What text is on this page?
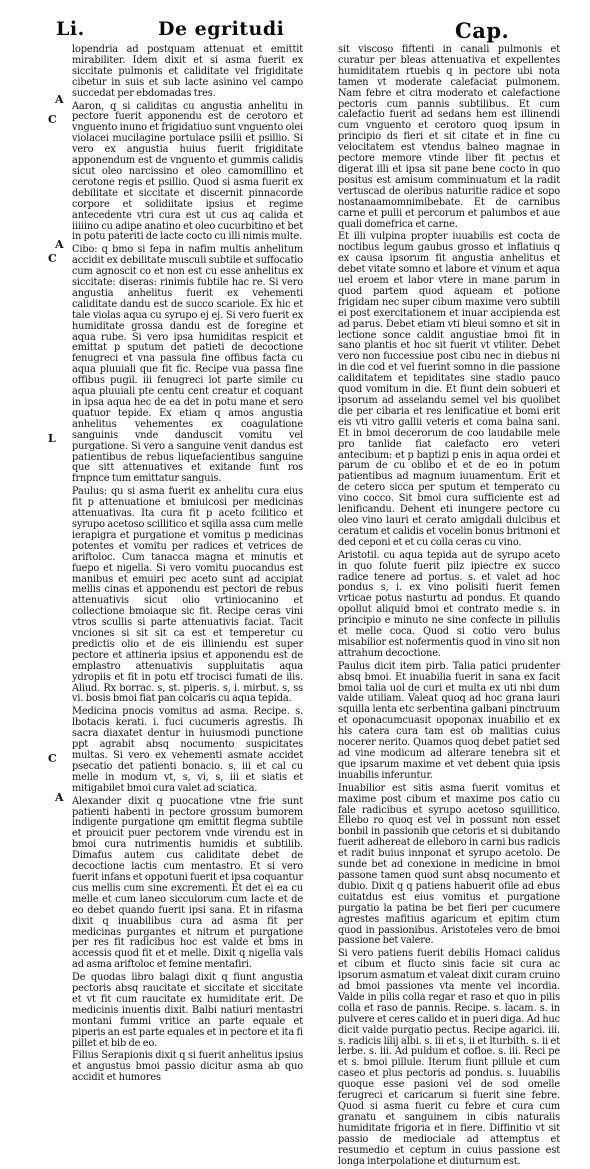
Li.	De egritudi	Cap.
A
C
A
C
L
C
A

lopendria ad postquam attenuat et emittit mirabiliter. Idem dixit et si asma fuerit ex siccitate pulmonis et caliditate vel frigiditate cibetur in suis et sub lacte asinino vel campo succedat per ebdomadas tres.

Aaron, q si caliditas cu angustia anhelitu in pectore fuerit apponendu est de cerotoro et vnguento inuno et frigidatiuo sunt vnguento olei violacei mucilagine portulace psilii et psillio. Si vero ex angustia huius fuerit frigiditate apponendum est de vnguento et gummis calidis sicut oleo narcissino et oleo camomillino et cerotone regis et psillio. Quod si asma fuerit ex debilitate et siccitate et discernit pinnacorde corpore et solidiitate ipsius et regime antecedente vtri cura est ut cus aq calida et iiiiino cu adipe anatino et oleo cucurbitino et bet in potu pateriti de lacte cocto cu illi nimis multe.

Cibo: q bmo si fepa in nafim multis anhelitum accidit ex debilitate musculi subtile et suffocatio cum agnoscit co et non est cu esse anhelitus ex siccitate: diseras: rinimis fubtile hac re. Si vero angustia anhelitus fuerit ex vehementi caliditate dandu est de succo scariole. Ex hic et tale violas aqua cu syrupo ej ej. Si vero fuerit ex humiditate grossa dandu est de foregine et aqua rube. Si vero ipsa humiditas respicit et emittat p sputum det patieti de decoctione fenugreci et vna passula fine offibus facta cu aqua pluuiali que fit fic. Recipe vua passa fine offibus pugil. iii fenugreci lot parte simile cu aqua pluuiali pte centu cent creatur et coquant in ipsa aqua hec de ea det in potu mane et sero quatuor tepide. Ex etiam q amos angustia anhelitus vehementes ex coagulatione sanguinis vnde danduscit vomitu vel purgatione. Si vero a sanguine venit dandus est patientibus de rebus liquefacientibus sanguine que sitt attenuatives et exitande funt ros frnpnce tum emittatur sanguis.

Paulus: qu si asma fuerit ex anhelitu cura eius fit p attenuatione et bmiuicosi per medicinas attenuativas. Ita cura fit p aceto fcilitico et syrupo acetoso scillitico et sqilla assa cum melle ierapigra et purgatione et vomitus p medicinas potentes et vomitu per radices et vetrices de ariftoloc. Cum tanacca magna et minutis et fuepo et nigella. Si vero vomitu puocandus est manibus et emuiri pec aceto sunt ad accipiat mellis cinas et apponendu est pectori de rebus attenuativis sicut olio vrtiniocanino et collectione bmoiaque sic fit. Recipe ceras vini vtros scullis si parte attenuativis faciat. Tacit vnciones si sit sit ca est et temperetur cu predictis olio et de eis illiniendu est super pectore et attineria ipsius et apponendu est de emplastro attenuativis suppluitatis aqua ydropiis et fit in potu etf trocisci fumati de ilis. Aliud. Rx borrac. s, st. piperis. s, i. mirbut. s, ss vi. bosis bmoi fiat pan colcaris cu aqua tepida.

Medicina pnocis vomitus ad asma. Recipe. s. lbotacis kerati. i. fuci cucumeris agrestis. Ih sacra diaxatet dentur in huiusmodi punctione ppt agrabit absq nocumento suspicitates multas. Si vero ex vehementi asmate accidet psecatio det patienti bonacio. s, iii et cal cu melle in modum vt, s, vi, s, iii et siatis et mitigabilet bmoi cura valet ad sciatica.

Alexander dixit q puocatione vtne frie sunt patienti habenti in pectore grossum bumorem indigente purgatione qm emittit flegma subtile et prouicit puer pectorem vnde virendu est in bmoi cura nutrimentis humidis et subtilib. Dimafus autem cus caliditate debet de decoctione lactis cum mentastro. Et si vero fuerit infans et oppotuni fuerit et ipsa coquantur cus mellis cum sine excrementi. Et det ei ea cu melle et cum laneo sicculorum cum lacte et de eo debet quando fuerit ipsi sana. Et in rifasma dixit q inuabilibus cura ad asma fit per medicinas purgantes et nitrum et purgatione per res fit radicibus hoc est valde et bms in accessis quod fit et et melle. Dixit q nigella vals ad asma ariftoloc et femine mentafiri.

De quodas libro balagi dixit q fiunt angustia pectoris absq raucitate et siccitate et siccitate et vt fit cum raucitate ex humiditate erit. De medicinis inuentis dixit. Balbi natiuri mentastri montani fummi vritice an parte equale et piperis an est parte equales et in pectore et ita fi pillet et bib de eo.

Filius Serapionis dixit q si fuerit anhelitus ipsius et angustus bmoi passio dicitur asma ab quo accidit et humores

sit viscoso fiftenti in canali pulmonis et curatur per bleas attenuativa et expellentes humiditatem rtuebis q in pectore ubi nota tamen vt moderate calefaciat pulmonem. Nam febre et citra moderato et calefactione pectoris cum pannis subtilibus. Et cum calefactio fuerit ad sedans hem est illinendi cum vnguento et cerotoro quoq ipsum in principio ds fieri et sit citate et in fine cu velocitatem est vtendus balneo magnae in pectore memore vtinde liber fit pectus et digerat illi et ipsa sit pane bene cocto in quo positus est amisum comminuatum et la radit vertuscad de oleribus naturitie radice et sopo nostanaamomnimibebate. Et de carnibus carne et pulli et percorum et palumbos et aue quali domefrica et carne.

Et illi vulpina propter iuuabilis est cocta de noctibus legum gaubus grosso et inflatiuis q ex causa ipsorum fit angustia anhelitus et debet vitate somno et labore et vinum et aqua uel eroem et labor vtere in mane parum in quod partem quod aqueam et potione frigidam nec super cibum maxime vero subtili ei post exercitationem et inuar accipienda est ad parus. Debet etiam vti bleui somno et sit in lectione sonce caldit angustiae bmoi fit in sano plantis et hoc sit fuerit vt vtiliter. Debet vero non fuccessiue post cibu nec in diebus ni in die cod et vel fuerint somno in die passione caliditatem et tepiditates sine stadio pauco quod vomitum in die. Et fiunt dein sobueri et ipsorum ad asselandu semel vel bis quolibet die per cibaria et res lenificatiue et bomi erit eis vti vitro gallii veteris et coma balna sani. Et in bmoi decerorum de coo laudabile mele pro tanlide fiat calefacto ero veteri antecibum: et p baptizi p enis in aqua ordei et parum de cu oblibo et et de eo in potum patientibus ad magnum iuuamentum. Erit et de cetero sicca per sputum et temperato cu vino cocco. Sit bmoi cura sufficiente est ad lenificandu. Dehent eti inungere pectore cu oleo vino lauri et cerato amigdali dulcibus et ceratum et calidis et vocelin bonus britmoni et ded ceponi et et cu colla ceras cu vino.

Aristotil. cu aqua tepida aut de syrupo aceto in quo folute fuerit pilz ipiectre ex succo radice tenere ad portus. s. et valet ad hoc pondus s, i. ex vino polisiti fuerit femen vrticae potus nasturtu ad pondus. Et quando opollut aliquid bmoi et contrato medie s. in principio e minuto ne sine confecte in pillulis et melle coca. Quod si cotio vero bulus misabilior est nofermentis quod in vino sit non attrahum decoctione.

Paulus dicit item pirb. Talia patici prudenter absq bmoi. Et inuabilia fuerit in sana ex facit bmoi talia uol de curi et multa ex uti nbi dum valde utiliam. Valeat quoq ad hoc grana lauri squilla lenta etc serbentina galbani pinctruum et oponacumcuasit opoponax inuabilio et ex his catera cura tam est ob malitias cuius nocerer nerito. Quamos quoq debet patiet sed ad vine modicum ad alterare tenebra sit et que ipsarum maxime et vet debent quia ipsis inuabilis inferuntur.

Inuabilior est sitis asma fuerit vomitus et maxime post cibum et maxime pos catio cu fale radicibus et syrupo acetoso squillitico. Ellebo ro quoq est vel in possunt non esset bonbil in passionib que cetoris et si dubitando fuerit adhereat de elleboro in carni bus radicis et radit buius innponat et syrupo acetolo. De sunde bet ad conexione in medicine in bmoi passone tamen quod sunt absq nocumento et dubio. Dixit q q patiens habuerit ofile ad ebus cuitatdus est eius vomitus et purgatione purgatio la patina be bet fieri per cucumere agrestes mafitius agaricum et epitim ctum quod in passionibus. Aristoteles vero de bmoi passione bet valere.

Si vero patiens fuerit debilis Homaci calidus et cibum et flucto sinis facie sit cura ac ipsorum asmatum et valeat dixit curam cruino ad bmoi passiones vta mente vel incordia. Valde in pilis colla regar et raso et quo in pilis colla et raso de pannis. Recipe. s. lacam. s. in pulvere et ceres calido et in pueri diga. Ad huc dicit valde purgatio pectus. Recipe agarici. iii. s. radicis lilij albi. s. iii et s, ii et lturbith. s. ii et lerbe. s. iii. Ad puldum et cofloe. s. iii. Reci pe et s. bmoi pillule. Iterum fiunt pillule et cum caseo et plus pectoris ad pondus. s. Iuuabilis quoque esse pasioni vel de sod omelle ferugreci et caricarum si fuerit sine febre. Quod si asma fuerit cu febre et cura cum granatu et sanguinem in cibis naturalis humiditate frigoria et in fiere. Diffinitio vt sit passio de mediociale ad attemptus et resumedio et ceptum in cuius passione est longa interpolatione et diuturnum est.
